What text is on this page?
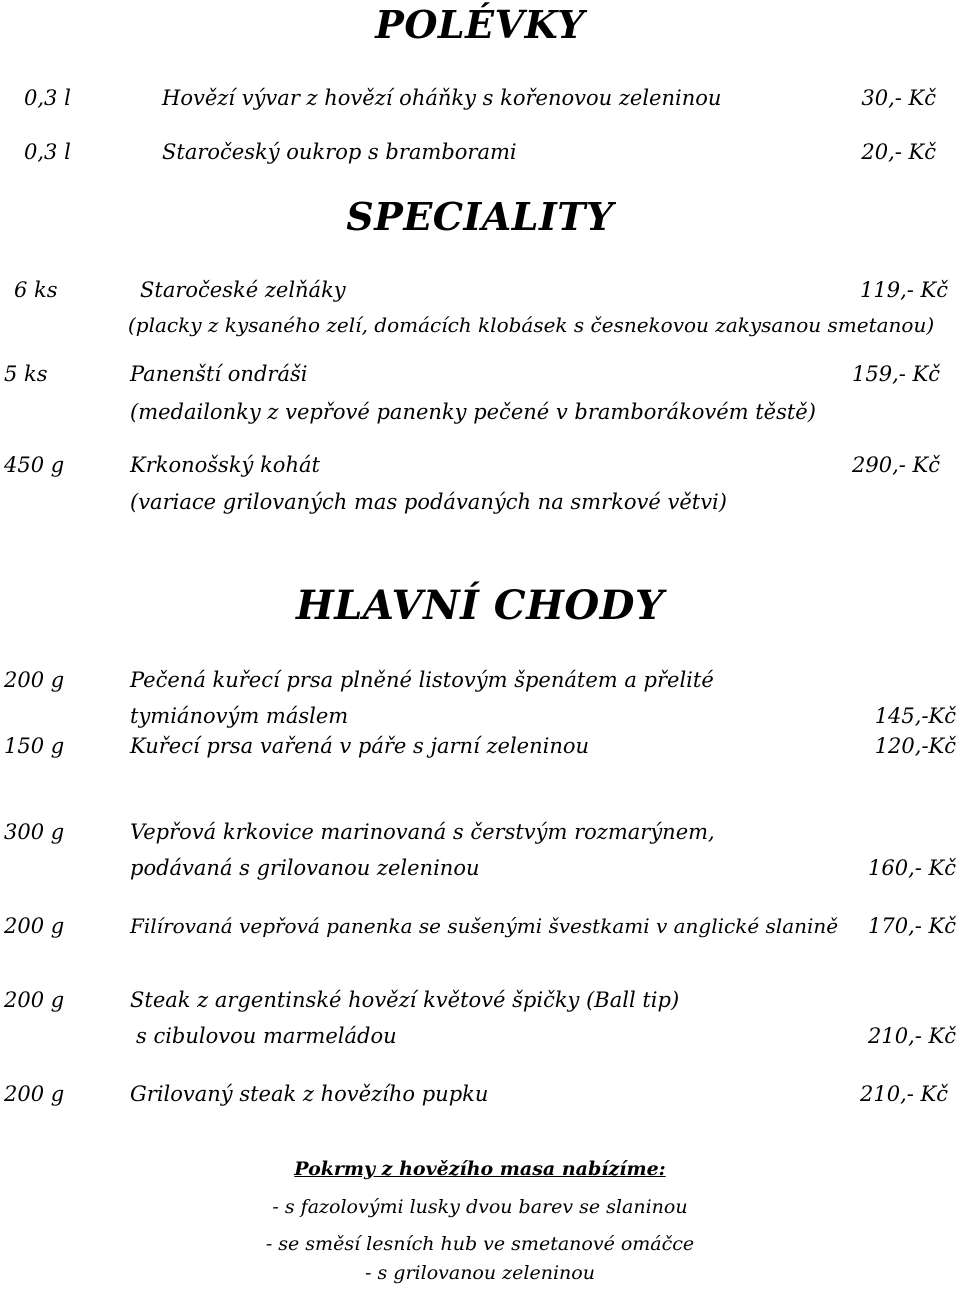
POLÉVKY
0,3 l	Hovězí vývar z hovězí oháňky s kořenovou zeleninou	30,- Kč
0,3 l	Staročeský oukrop s bramborami	20,- Kč
SPECIALITY
6 ks	Staročeské zelňáky	119,- Kč
(placky z kysaného zelí, domácích klobásek s česnekovou zakysanou smetanou)
5 ks	Panenští ondráši	159,- Kč
(medailonky z vepřové panenky pečené v bramborákovém těstě)
450 g	Krkonošský kohát	290,- Kč
(variace grilovaných mas podávaných na smrkové větvi)
HLAVNÍ CHODY
200 g	Pečená kuřecí prsa plněné listovým špenátem a přelité
tymiánovým máslem	145,-Kč
150 g	Kuřecí prsa vařená v páře s jarní zeleninou	120,-Kč
300 g	Vepřová krkovice marinovaná s čerstvým rozmarýnem,
podávaná s grilovanou zeleninou	160,- Kč
200 g	Filírovaná vepřová panenka se sušenými švestkami v anglické slanině 170,- Kč
200 g	Steak z argentinské hovězí květové špičky (Ball tip)
s cibulovou marmeládou	210,- Kč
200 g	Grilovaný steak z hovězího pupku	210,- Kč
Pokrmy z hovězího masa nabízíme:
- s fazolovými lusky dvou barev se slaninou
- se směsí lesních hub ve smetanové omáčce
- s grilovanou zeleninou
